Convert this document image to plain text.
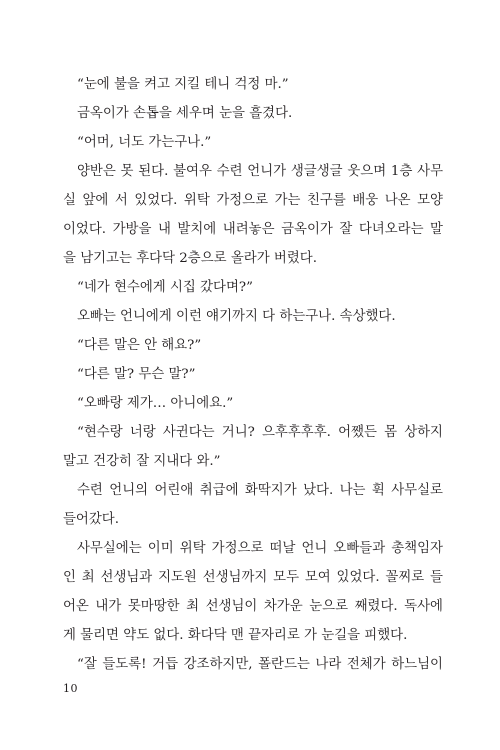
“눈에 불을 켜고 지킬 테니 걱정 마.”
금옥이가 손톱을 세우며 눈을 흘겼다.
“어머, 너도 가는구나.”
양반은 못 된다. 불여우 수련 언니가 생글생글 웃으며 1층 사무
실 앞에 서 있었다. 위탁 가정으로 가는 친구를 배웅 나온 모양
이었다. 가방을 내 발치에 내려놓은 금옥이가 잘 다녀오라는 말
을 남기고는 후다닥 2층으로 올라가 버렸다.
“네가 현수에게 시집 갔다며?”
오빠는 언니에게 이런 얘기까지 다 하는구나. 속상했다.
“다른 말은 안 해요?”
“다른 말? 무슨 말?”
“오빠랑 제가… 아니에요.”
“현수랑 너랑 사귄다는 거니? 으후후후후. 어쨌든 몸 상하지
말고 건강히 잘 지내다 와.”
수련 언니의 어린애 취급에 화딱지가 났다. 나는 휙 사무실로
들어갔다.
사무실에는 이미 위탁 가정으로 떠날 언니 오빠들과 총책임자
인 최 선생님과 지도원 선생님까지 모두 모여 있었다. 꼴찌로 들
어온 내가 못마땅한 최 선생님이 차가운 눈으로 째렸다. 독사에
게 물리면 약도 없다. 화다닥 맨 끝자리로 가 눈길을 피했다.
“잘 들도록! 거듭 강조하지만, 폴란드는 나라 전체가 하느님이
10
